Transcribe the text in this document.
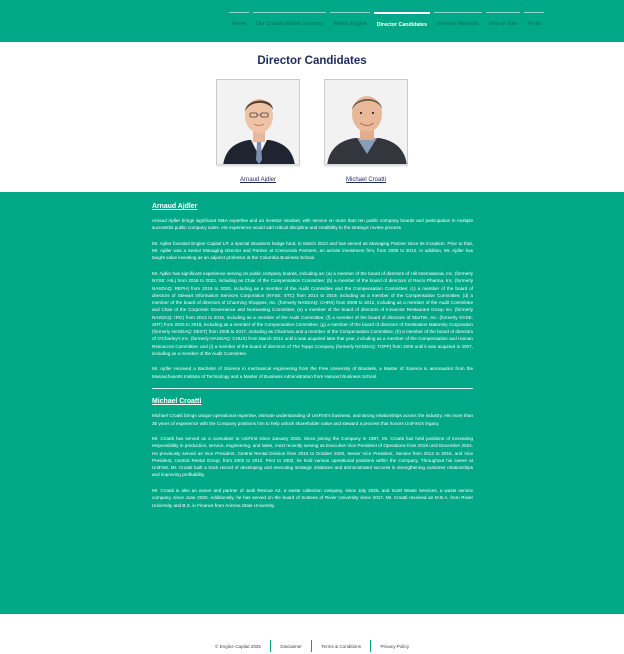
Home	Our Crucial Historic Lessons	Where Engine	Director Candidates	Investor Materials	How to Vote	Press
Director Candidates
Arnaud Ajdler	Michael Croatti
Arnaud Ajdler

Arnaud Ajdler brings significant M&A expertise and an investor mindset, with service on more than ten public company boards and participation in multiple successful public company sales. His experience would add critical discipline and credibility to the strategic review process.

Mr. Ajdler founded Engine Capital LP, a special situations hedge fund, in March 2013 and has served as Managing Partner since its inception. Prior to that, Mr. Ajdler was a Senior Managing Director and Partner at Crescendo Partners, an activist investment firm, from 2005 to 2013. In addition, Mr. Ajdler has taught value investing as an adjunct professor at the Columbia Business School.

Mr. Ajdler has significant experience serving on public company boards, including as: (a) a member of the board of directors of Hill International, Inc. (formerly NYSE: HIL) from 2018 to 2022, including as Chair of the Compensation Committee; (b) a member of the board of directors of Recro Pharma, Inc. (formerly NASDAQ: REPH) from 2019 to 2020, including as a member of the Audit Committee and the Compensation Committee; (c) a member of the board of directors of Stewart Information Services Corporation (NYSE: STC) from 2014 to 2019, including as a member of the Compensation Committee; (d) a member of the board of directors of Charming Shoppes, Inc. (formerly NASDAQ: CHRS) from 2008 to 2012, including as a member of the Audit Committee and Chair of the Corporate Governance and Nominating Committee; (e) a member of the board of directors of Innvector Restaurant Group Inc. (formerly NASDAQ: IRG) from 2013 to 2016, including as a member of the Audit Committee; (f) a member of the board of directors of StarTek, Inc. (formerly NYSE: SRT) from 2015 to 2018, including as a member of the Compensation Committee; (g) a member of the board of directors of Destination Maternity Corporation (formerly NASDAQ: DEST) from 2008 to 2017, including as Chairman and a member of the Compensation Committee; (h) a member of the board of directors of O'Charley's Inc. (formerly NASDAQ: CHUX) from March 2012 until it was acquired later that year, including as a member of the Compensation and Human Resources Committee; and (i) a member of the board of directors of The Topps Company (formerly NASDAQ: TOPP) from 2006 until it was acquired in 2007, including as a member of the Audit Committee.

Mr. Ajdler received a Bachelor of Science in mechanical engineering from the Free University of Brussels, a Master of Science in aeronautics from the Massachusetts Institute of Technology and a Master of Business Administration from Harvard Business School.

Michael Croatti

Michael Croatti brings unique operational expertise, intimate understanding of UniFirst's business, and strong relationships across the industry. His more than 35 years of experience with the Company positions him to help unlock shareholder value and steward a process that honors UniFirst's legacy.

Mr. Croatti has served as a consultant to UniFirst since January 2025. Since joining the Company in 1987, Mr. Croatti has held positions of increasing responsibility in production, service, engineering, and sales, most recently serving as Executive Vice President of Operations from 2019 until December 2024. He previously served as Vice President, Central Rental Division from 2015 to October 2020, Senior Vice President, Service from 2012 to 2015, and Vice President, Central Rental Group, from 2002 to 2012. Prior to 2002, he held various operational positions within the Company. Throughout his career at UniFirst, Mr. Croatti built a track record of developing and executing strategic initiatives and demonstrated success in strengthening customer relationships and improving profitability.

Mr. Croatti is also an owner and partner of Junk Rescue AZ, a waste collection company, since July 2025, and Scott Waste Services, a waste service company, since June 2020. Additionally, he has served on the board of trustees of Rivier University since 2017. Mr. Croatti received an M.B.A. from Rivier University and B.S. in Finance from Arizona State University.

© Engine Capital 2025	Disclaimer	Terms & Conditions	Privacy Policy
